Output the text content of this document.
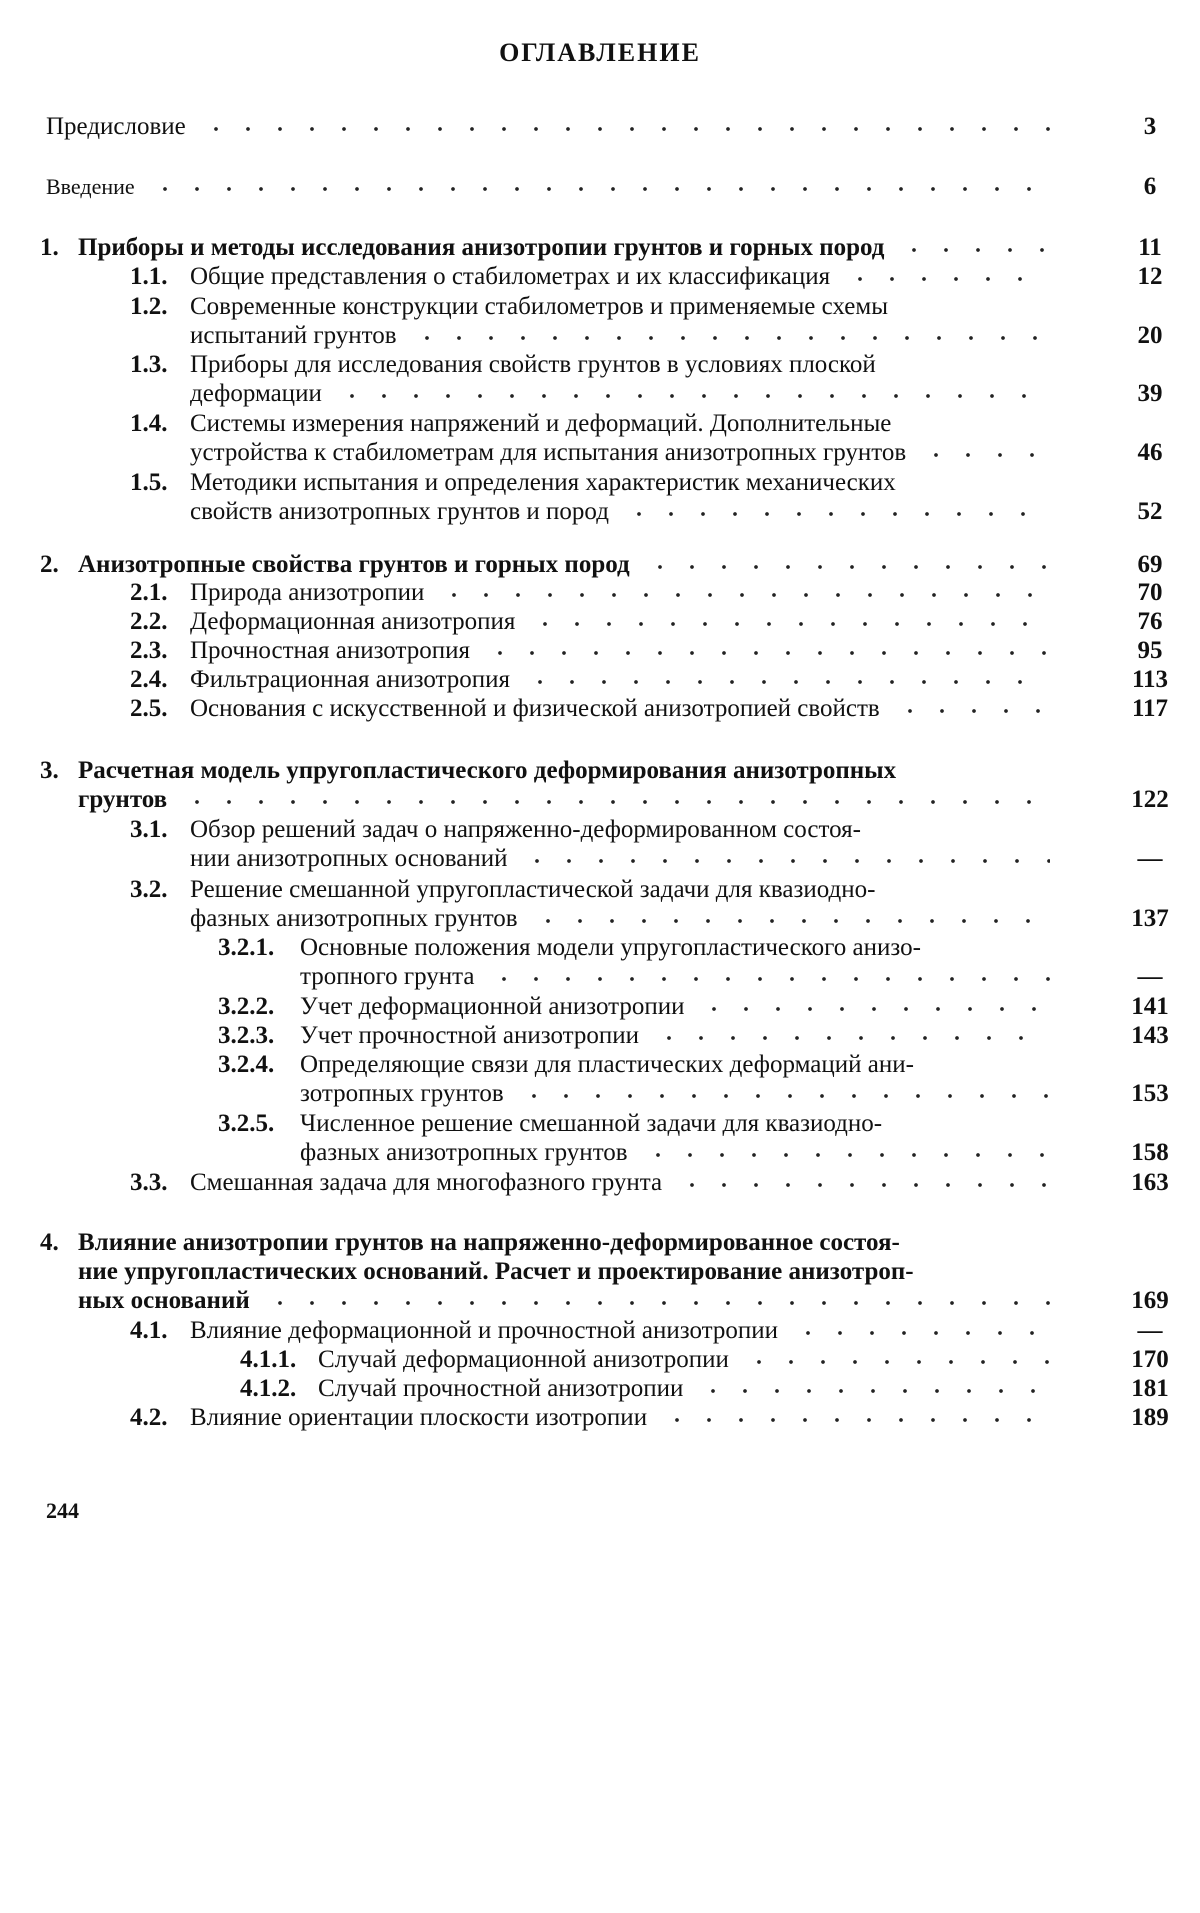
ОГЛАВЛЕНИЕ
Предисловие	3
Введение	6
1. Приборы и методы исследования анизотропии грунтов и горных пород	11
1.1. Общие представления о стабилометрах и их классификация	12
1.2. Современные конструкции стабилометров и применяемые схемы
испытаний грунтов	20
1.3. Приборы для исследования свойств грунтов в условиях плоской
деформации	39
1.4. Системы измерения напряжений и деформаций. Дополнительные
устройства к стабилометрам для испытания анизотропных грунтов	46
1.5. Методики испытания и определения характеристик механических
свойств анизотропных грунтов и пород	52
2. Анизотропные свойства грунтов и горных пород	69
2.1. Природа анизотропии	70
2.2. Деформационная анизотропия	76
2.3. Прочностная анизотропия	95
2.4. Фильтрационная анизотропия	113
2.5. Основания с искусственной и физической анизотропией свойств	117
3. Расчетная модель упругопластического деформирования анизотропных
грунтов	122
3.1. Обзор решений задач о напряженно-деформированном состоя-
нии анизотропных оснований	—
3.2. Решение смешанной упругопластической задачи для квазиодно-
фазных анизотропных грунтов	137
3.2.1. Основные положения модели упругопластического анизо-
тропного грунта	—
3.2.2. Учет деформационной анизотропии	141
3.2.3. Учет прочностной анизотропии	143
3.2.4. Определяющие связи для пластических деформаций ани-
зотропных грунтов	153
3.2.5. Численное решение смешанной задачи для квазиодно-
фазных анизотропных грунтов	158
3.3. Смешанная задача для многофазного грунта	163
4. Влияние анизотропии грунтов на напряженно-деформированное состоя-
ние упругопластических оснований. Расчет и проектирование анизотроп-
ных оснований	169
4.1. Влияние деформационной и прочностной анизотропии	—
4.1.1. Случай деформационной анизотропии	170
4.1.2. Случай прочностной анизотропии	181
4.2. Влияние ориентации плоскости изотропии	189
244
